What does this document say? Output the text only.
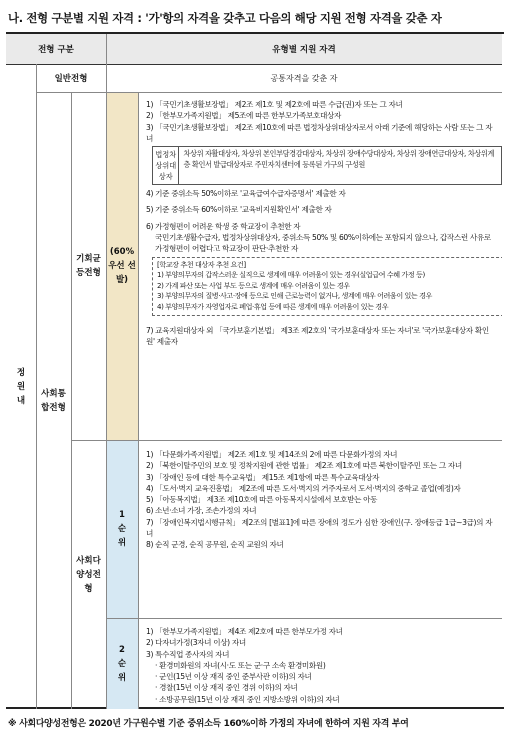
나. 전형 구분별 지원 자격 : '가'항의 자격을 갖추고 다음의 해당 지원 전형 자격을 갖춘 자
전형 구분	유형별 지원 자격
일반전형	공통자격을 갖춘 자
정원내
사회통합전형
기회균등전형
(60% 우선 선발)

1) 「국민기초생활보장법」 제2조 제1호 및 제2호에 따른 수급(권)자 또는 그 자녀

2) 「한부모가족지원법」 제5조에 따른 한부모가족보호대상자

3) 「국민기초생활보장법」 제2조 제10호에 따른 법정차상위대상자로서 아래 기준에 해당하는 사람 또는 그 자녀

법정차상위대상자
차상위 자활대상자, 차상위 본인부담경감대상자, 차상위 장애수당대상자, 차상위 장애연금대상자, 차상위계층 확인서 발급대상자로 주민자치센터에 등록된 가구의 구성원

4) 기준 중위소득 50%이하로 '교육급여수급자증명서' 제출한 자

5) 기준 중위소득 60%이하로 '교육비지원확인서' 제출한 자

6) 가정형편이 어려운 학생 중 학교장이 추천한 자

국민기초생활수급자, 법정차상위대상자, 중위소득 50% 및 60%이하에는 포함되지 않으나, 갑작스런 사유로 가정형편이 어렵다고 학교장이 판단·추천한 자

[학교장 추천 대상자 추천 요건]
1) 부양의무자의 갑작스러운 실직으로 생계에 매우 어려움이 있는 경우(실업급여 수혜 가정 등)
2) 가계 파산 또는 사업 부도 등으로 생계에 매우 어려움이 있는 경우
3) 부양의무자의 질병·사고·장애 등으로 인해 근로능력이 없거나, 생계에 매우 어려움이 있는 경우
4) 부양의무자가 자영업자로 폐업·휴업 등에 따른 생계에 매우 어려움이 있는 경우

7) 교육지원대상자 외 「국가보훈기본법」 제3조 제2호의 '국가보훈대상자 또는 자녀'로 '국가보훈대상자 확인원' 제출자

사회다양성전형
1순위

1) 「다문화가족지원법」 제2조 제1호 및 제14조의 2에 따른 다문화가정의 자녀

2) 「북한이탈주민의 보호 및 정착지원에 관한 법률」 제2조 제1호에 따른 북한이탈주민 또는 그 자녀

3) 「장애인 등에 대한 특수교육법」 제15조 제1항에 따른 특수교육대상자

4) 「도서·벽지 교육진흥법」 제2조에 따른 도서·벽지의 거주자로서 도서·벽지의 중학교 졸업(예정)자

5) 「아동복지법」 제3조 제10호에 따른 아동복지시설에서 보호받는 아동

6) 소년·소녀 가장, 조손가정의 자녀

7) 「장애인복지법시행규칙」 제2조의 [별표1]에 따른 장애의 정도가 심한 장애인(구. 장애등급 1급~3급)의 자녀

8) 순직 군경, 순직 공무원, 순직 교원의 자녀

2순위

1) 「한부모가족지원법」 제4조 제2호에 따른 한부모가정 자녀

2) 다자녀가정(3자녀 이상) 자녀

3) 특수직업 종사자의 자녀

· 환경미화원의 자녀(시·도 또는 군·구 소속 환경미화원)

· 군인(15년 이상 재직 중인 준부사관 이하)의 자녀

· 경찰(15년 이상 재직 중인 경위 이하)의 자녀

· 소방공무원(15년 이상 재직 중인 지방소방위 이하)의 자녀

※ 사회다양성전형은 2020년 가구원수별 기준 중위소득 160%이하 가정의 자녀에 한하여 지원 자격 부여
